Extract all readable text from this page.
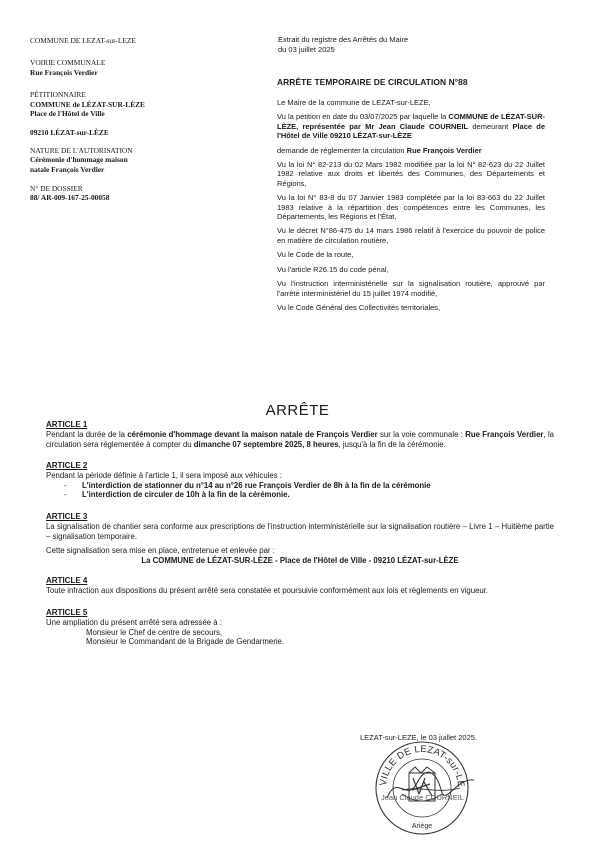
COMMUNE DE LEZAT-sur-LEZE
VOIRIE COMMUNALE
Rue François Verdier
PÉTITIONNAIRE
COMMUNE de LÉZAT-SUR-LÈZE
Place de l'Hôtel de Ville
09210 LÉZAT-sur-LÈZE
NATURE DE L'AUTORISATION
Cérémonie d'hommage maison
natale François Verdier
N° DE DOSSIER
88/ AR-009-167-25-00058
Extrait du registre des Arrêtés du Maire
du 03 juillet 2025
ARRÊTE TEMPORAIRE DE CIRCULATION N°88

Le Maire de la commune de LEZAT-sur-LEZE,

Vu la pétition en date du 03/07/2025 par laquelle la COMMUNE de LÉZAT-SUR-LÈZE, représentée par Mr Jean Claude COURNEIL demeurant Place de l'Hôtel de Ville 09210 LÉZAT-sur-LÈZE

demande de réglementer la circulation Rue François Verdier

Vu la loi N° 82-213 du 02 Mars 1982 modifiée par la loi N° 82-623 du 22 Juillet 1982 relative aux droits et libertés des Communes, des Départements et Régions,

Vu la loi N° 83-8 du 07 Janvier 1983 complétée par la loi 83-663 du 22 Juillet 1983 relative à la répartition des compétences entre les Communes, les Départements, les Régions et l'État,

Vu le décret N°86-475 du 14 mars 1986 relatif à l'exercice du pouvoir de police en matière de circulation routière,

Vu le Code de la route,

Vu l'article R26.15 du code pénal,

Vu l'instruction interministérielle sur la signalisation routière, approuvé par l'arrêté interministériel du 15 juillet 1974 modifié,

Vu le Code Général des Collectivités territoriales,

ARRÊTE
ARTICLE 1
Pendant la durée de la cérémonie d'hommage devant la maison natale de François Verdier sur la voie communale : Rue François Verdier, la circulation sera réglementée à compter du dimanche 07 septembre 2025, 8 heures, jusqu'à la fin de la cérémonie.
ARTICLE 2
Pendant la période définie à l'article 1, il sera imposé aux véhicules :
-	L'interdiction de stationner du n°14 au n°26 rue François Verdier de 8h à la fin de la cérémonie
-	L'interdiction de circuler de 10h à la fin de la cérémonie.
ARTICLE 3
La signalisation de chantier sera conforme aux prescriptions de l'instruction interministérielle sur la signalisation routière – Livre 1 – Huitième partie – signalisation temporaire.
Cette signalisation sera mise en place, entretenue et enlevée par :
La COMMUNE de LÉZAT-SUR-LÈZE - Place de l'Hôtel de Ville - 09210 LÉZAT-sur-LÈZE
ARTICLE 4
Toute infraction aux dispositions du présent arrêté sera constatée et poursuivie conformément aux lois et règlements en vigueur.
ARTICLE 5
Une ampliation du présent arrêté sera adressée à :
Monsieur le Chef de centre de secours,
Monsieur le Commandant de la Brigade de Gendarmerie.
LEZAT-sur-LEZE, le 03 juillet 2025.
VILLE DE LEZAT-sur-LE
Ariège
Jean Claude COURNEIL
